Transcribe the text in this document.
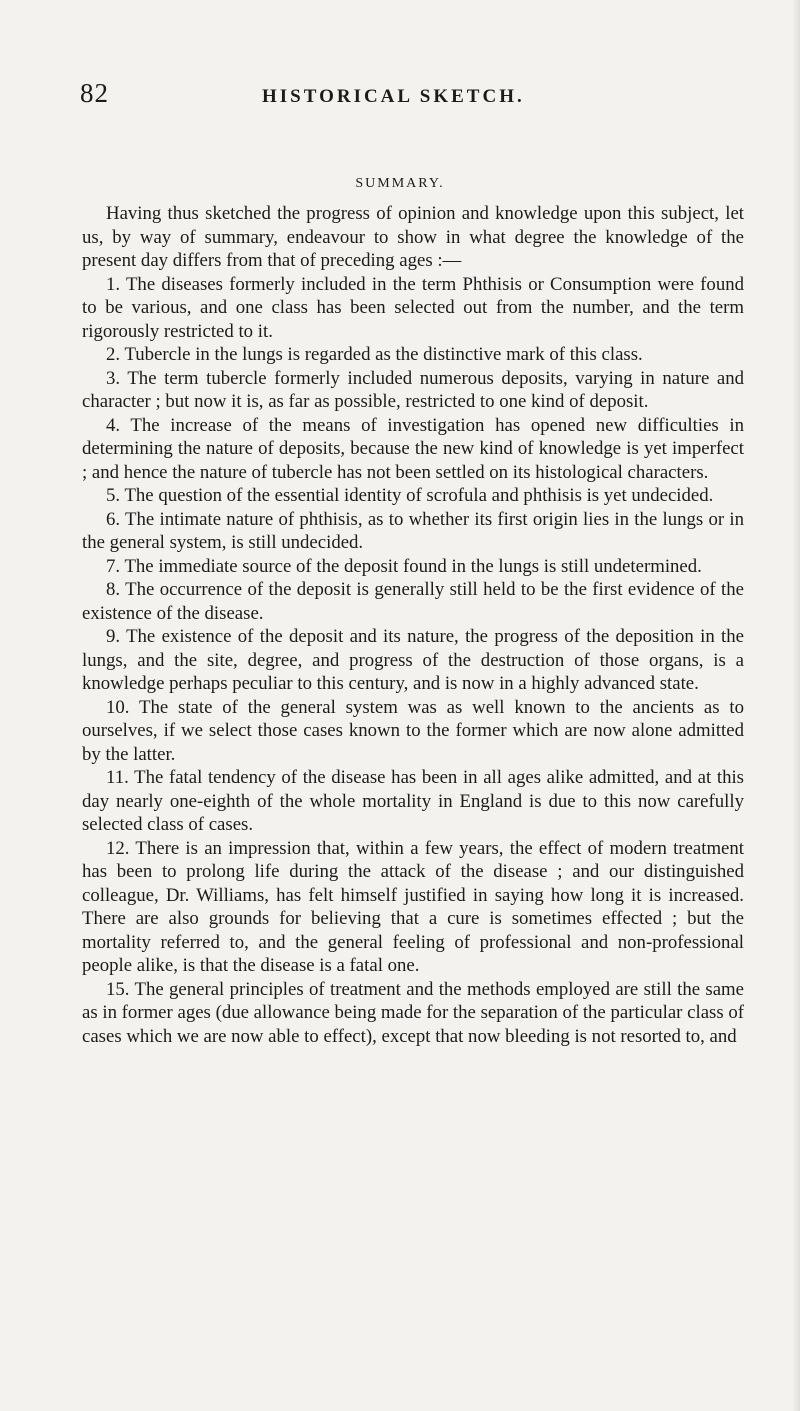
82	HISTORICAL SKETCH.
SUMMARY.

Having thus sketched the progress of opinion and knowledge upon this subject, let us, by way of summary, endeavour to show in what degree the knowledge of the present day differs from that of preceding ages :—

1. The diseases formerly included in the term Phthisis or Consumption were found to be various, and one class has been selected out from the number, and the term rigorously restricted to it.

2. Tubercle in the lungs is regarded as the distinctive mark of this class.

3. The term tubercle formerly included numerous deposits, varying in nature and character ; but now it is, as far as possible, restricted to one kind of deposit.

4. The increase of the means of investigation has opened new difficulties in determining the nature of deposits, because the new kind of knowledge is yet imperfect ; and hence the nature of tubercle has not been settled on its histological characters.

5. The question of the essential identity of scrofula and phthisis is yet undecided.

6. The intimate nature of phthisis, as to whether its first origin lies in the lungs or in the general system, is still undecided.

7. The immediate source of the deposit found in the lungs is still undetermined.

8. The occurrence of the deposit is generally still held to be the first evidence of the existence of the disease.

9. The existence of the deposit and its nature, the progress of the deposition in the lungs, and the site, degree, and progress of the destruction of those organs, is a knowledge perhaps peculiar to this century, and is now in a highly advanced state.

10. The state of the general system was as well known to the ancients as to ourselves, if we select those cases known to the former which are now alone admitted by the latter.

11. The fatal tendency of the disease has been in all ages alike admitted, and at this day nearly one-eighth of the whole mortality in England is due to this now carefully selected class of cases.

12. There is an impression that, within a few years, the effect of modern treatment has been to prolong life during the attack of the disease ; and our distinguished colleague, Dr. Williams, has felt himself justified in saying how long it is increased. There are also grounds for believing that a cure is sometimes effected ; but the mortality referred to, and the general feeling of professional and non-professional people alike, is that the disease is a fatal one.

15. The general principles of treatment and the methods employed are still the same as in former ages (due allowance being made for the separation of the particular class of cases which we are now able to effect), except that now bleeding is not resorted to, and
